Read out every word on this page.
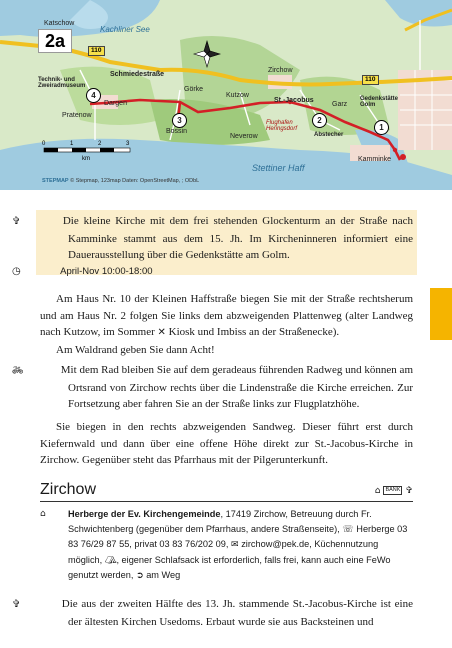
2a
Katschow
Kachliner See
110
110
Technik- und Zweiradmuseum
Schmiedestraße
Dargen
Görke
Pratenow
Zirchow
St.-Jacobus
Kutzow
Bossin
Neverow
Flughafen Heringsdorf
Garz
Abstecher
Gedenkstätte Golm
Kamminke
Stettiner Haff
1
2
3
4
0	1	2	3
km
STEPMAP © Stepmap, 123map Daten: OpenStreetMap, ; ODbL
✞	Die kleine Kirche mit dem frei stehenden Glockenturm an der Straße nach Kamminke stammt aus dem 15. Jh. Im Kircheninneren informiert eine Dauerausstellung über die Gedenkstätte am Golm.
◷	April-Nov 10:00-18:00
Am Haus Nr. 10 der Kleinen Haffstraße biegen Sie mit der Straße rechtsherum und am Haus Nr. 2 folgen Sie links dem abzweigenden Plattenweg (alter Landweg nach Kutzow, im Sommer ✕ Kiosk und Imbiss an der Straßenecke).
Am Waldrand geben Sie dann Acht!
🚲︎	Mit dem Rad bleiben Sie auf dem geradeaus führenden Radweg und können am Ortsrand von Zirchow rechts über die Lindenstraße die Kirche erreichen. Zur Fortsetzung aber fahren Sie an der Straße links zur Flugplatzhöhe.
Sie biegen in den rechts abzweigenden Sandweg. Dieser führt erst durch Kiefernwald und dann über eine offene Höhe direkt zur St.-Jacobus-Kirche in Zirchow. Gegenüber steht das Pfarrhaus mit der Pilgerunterkunft.
Zirchow	⌂ BANK ✞
⌂ Herberge der Ev. Kirchengemeinde, 17419 Zirchow, Betreuung durch Fr. Schwichtenberg (gegenüber dem Pfarrhaus, andere Straßenseite), ☏ Herberge 03 83 76/29 87 55, privat 03 83 76/202 09, ✉ zirchow@pek.de, Küchennutzung möglich, ⛺︎, eigener Schlafsack ist erforderlich, falls frei, kann auch eine FeWo genutzt werden, ➲ am Weg
✞	Die aus der zweiten Hälfte des 13. Jh. stammende St.-Jacobus-Kirche ist eine der ältesten Kirchen Usedoms. Erbaut wurde sie aus Backsteinen und
